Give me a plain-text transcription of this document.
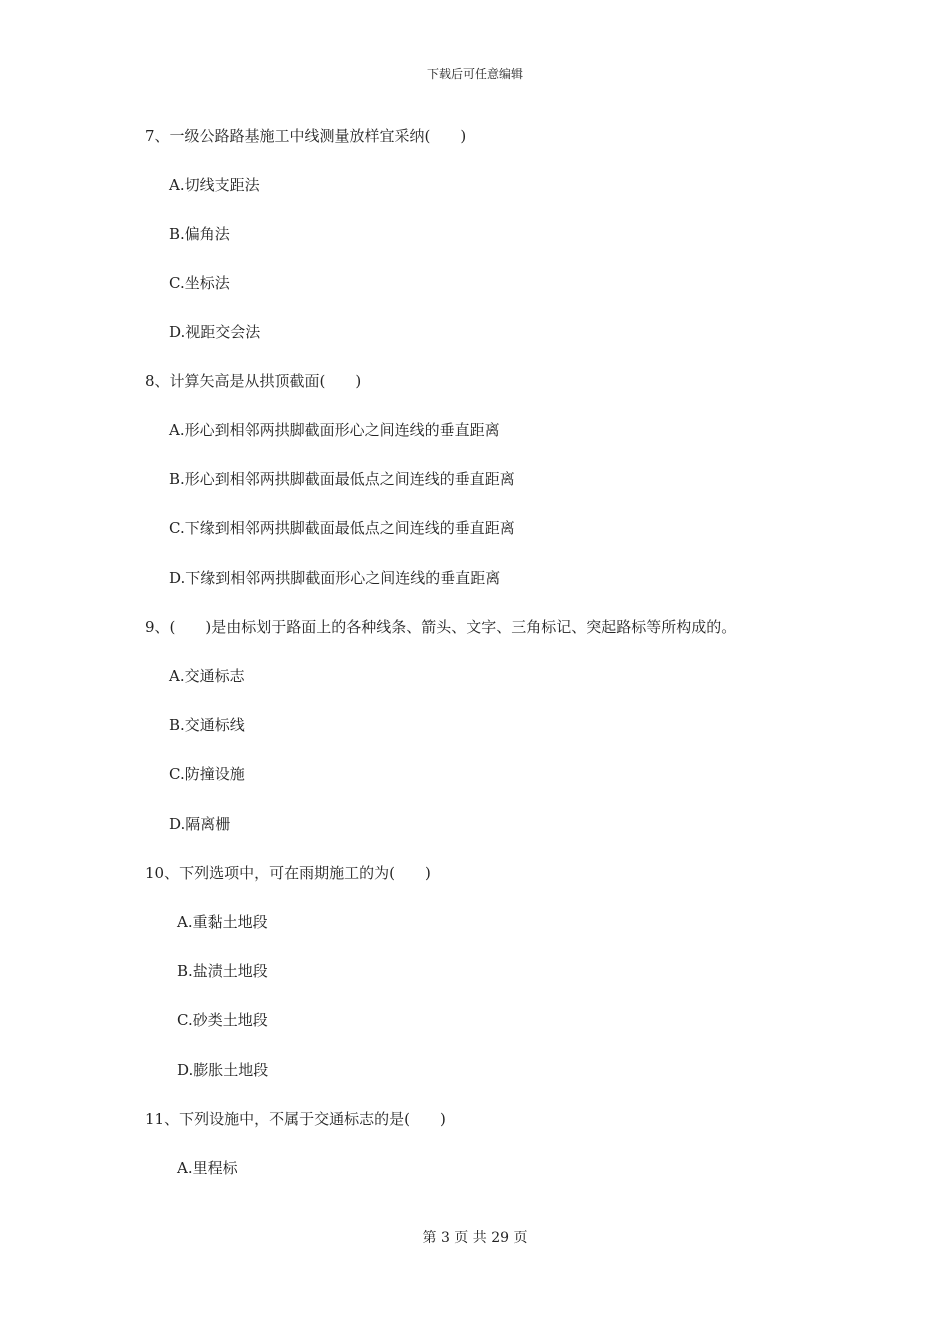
下载后可任意编辑
7、一级公路路基施工中线测量放样宜采纳(　　)
A.切线支距法
B.偏角法
C.坐标法
D.视距交会法
8、计算矢高是从拱顶截面(　　)
A.形心到相邻两拱脚截面形心之间连线的垂直距离
B.形心到相邻两拱脚截面最低点之间连线的垂直距离
C.下缘到相邻两拱脚截面最低点之间连线的垂直距离
D.下缘到相邻两拱脚截面形心之间连线的垂直距离
9、(　　)是由标划于路面上的各种线条、箭头、文字、三角标记、突起路标等所构成的。
A.交通标志
B.交通标线
C.防撞设施
D.隔离栅
10、下列选项中，可在雨期施工的为(　　)
A.重黏土地段
B.盐渍土地段
C.砂类土地段
D.膨胀土地段
11、下列设施中，不属于交通标志的是(　　)
A.里程标
第 3 页 共 29 页
